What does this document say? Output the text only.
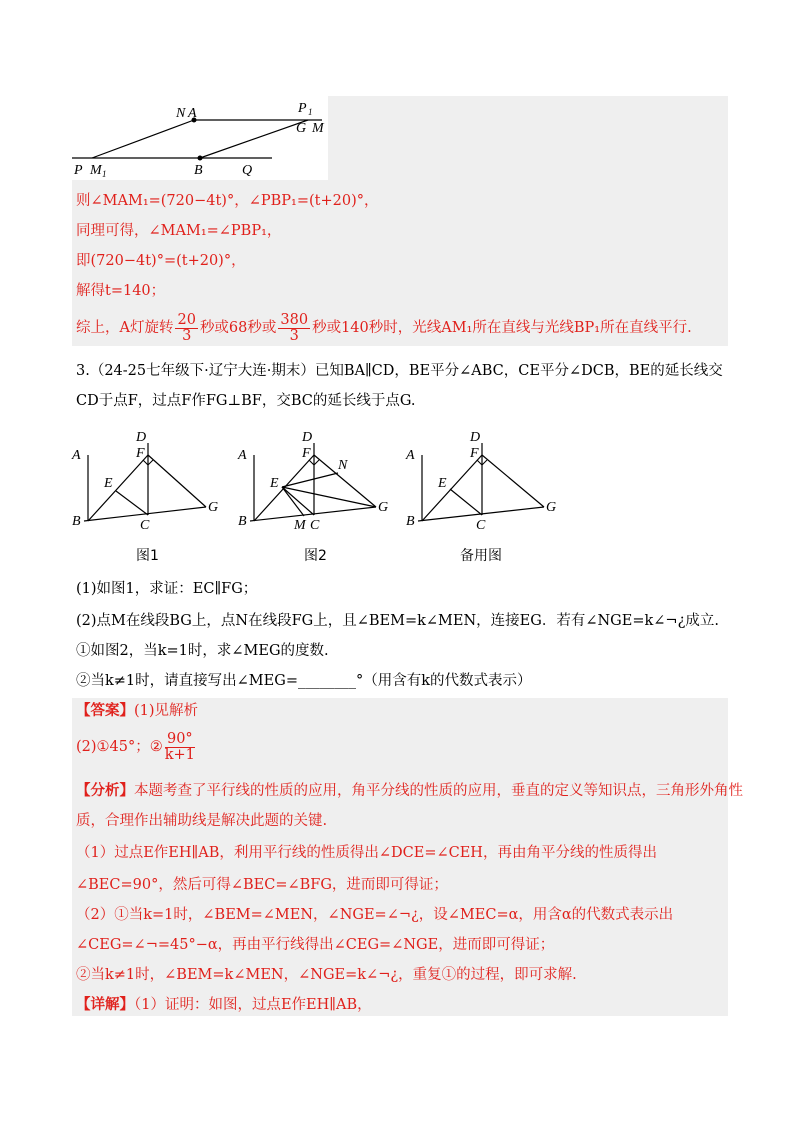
N A	P 1
G M
P M 1	B	Q
则∠MAM₁=(720−4t)°，∠PBP₁=(t+20)°，
同理可得，∠MAM₁=∠PBP₁，
即(720−4t)°=(t+20)°，
解得t=140；
综上，A灯旋转 $\frac{20}{3}$ 秒或68秒或 $\frac{380}{3}$ 秒或140秒时，光线AM₁所在直线与光线BP₁所在直线平行.
3.（24-25七年级下·辽宁大连·期末）已知BA∥CD，BE平分∠ABC，CE平分∠DCB，BE的延长线交
CD于点F，过点F作FG⊥BF，交BC的延长线于点G.
A
D
F
E
B	C
G
图1
A
D
F
E
B	C
G
N
M
图2
A
D
F
E
B	C
G
备用图
(1)如图1，求证：EC∥FG；
(2)点M在线段BG上，点N在线段FG上，且∠BEM=k∠MEN，连接EG．若有∠NGE=k∠¬¿成立.
①如图2，当k=1时，求∠MEG的度数.
②当k≠1时，请直接写出∠MEG=________°（用含有k的代数式表示）
【答案】(1)见解析
(2)①45°；② $\frac{90^\circ}{k+1}$
【分析】本题考查了平行线的性质的应用，角平分线的性质的应用，垂直的定义等知识点，三角形外角性
质，合理作出辅助线是解决此题的关键.
（1）过点E作EH∥AB，利用平行线的性质得出∠DCE=∠CEH，再由角平分线的性质得出
∠BEC=90°，然后可得∠BEC=∠BFG，进而即可得证；
（2）①当k=1时，∠BEM=∠MEN，∠NGE=∠¬¿，设∠MEC=α，用含α的代数式表示出
∠CEG=∠¬=45°−α，再由平行线得出∠CEG=∠NGE，进而即可得证；
②当k≠1时，∠BEM=k∠MEN，∠NGE=k∠¬¿，重复①的过程，即可求解.
【详解】（1）证明：如图，过点E作EH∥AB，
